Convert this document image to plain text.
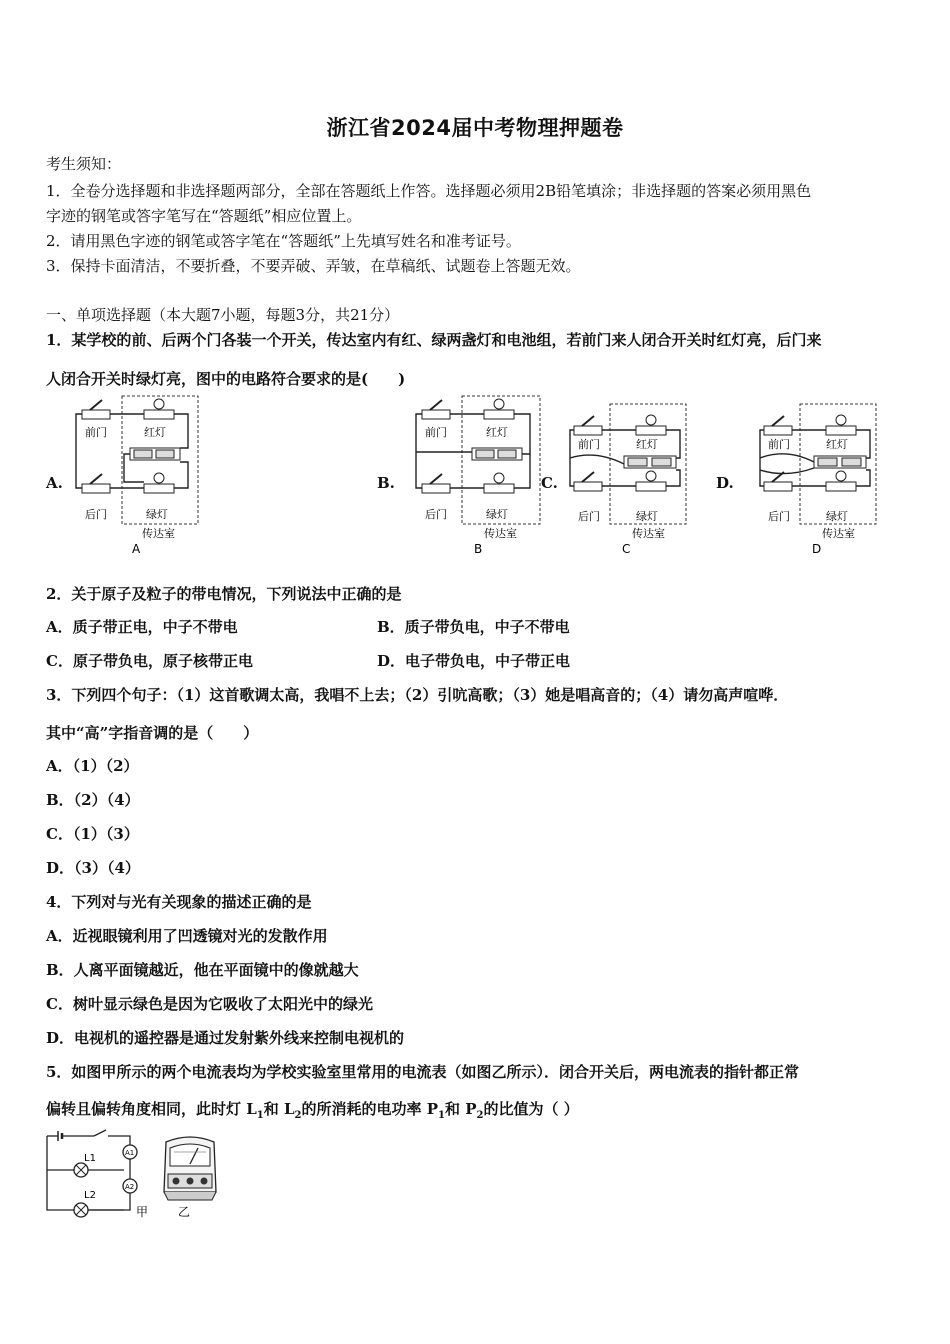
浙江省2024届中考物理押题卷
考生须知：
1．全卷分选择题和非选择题两部分，全部在答题纸上作答。选择题必须用2B铅笔填涂；非选择题的答案必须用黑色
字迹的钢笔或答字笔写在“答题纸”相应位置上。
2．请用黑色字迹的钢笔或答字笔在“答题纸”上先填写姓名和准考证号。
3．保持卡面清洁，不要折叠，不要弄破、弄皱，在草稿纸、试题卷上答题无效。
一、单项选择题（本大题7小题，每题3分，共21分）
1．某学校的前、后两个门各装一个开关，传达室内有红、绿两盏灯和电池组，若前门来人闭合开关时红灯亮，后门来
人闭合开关时绿灯亮，图中的电路符合要求的是(　　)
A.	B.	C.	D.
前门	红灯
后门	绿灯
传达室
A
前门	红灯
后门	绿灯
传达室
B
前门	红灯
后门	绿灯
传达室
C
前门	红灯
后门	绿灯
传达室
D
2．关于原子及粒子的带电情况，下列说法中正确的是
A．质子带正电，中子不带电	B．质子带负电，中子不带电
C．原子带负电，原子核带正电	D．电子带负电，中子带正电
3．下列四个句子：（1）这首歌调太高，我唱不上去；（2）引吭高歌；（3）她是唱高音的；（4）请勿高声喧哗．
其中“高”字指音调的是（　　）
A．（1）（2）
B．（2）（4）
C．（1）（3）
D．（3）（4）
4．下列对与光有关现象的描述正确的是
A．近视眼镜利用了凹透镜对光的发散作用
B．人离平面镜越近，他在平面镜中的像就越大
C．树叶显示绿色是因为它吸收了太阳光中的绿光
D．电视机的遥控器是通过发射紫外线来控制电视机的
5．如图甲所示的两个电流表均为学校实验室里常用的电流表（如图乙所示）．闭合开关后，两电流表的指针都正常
偏转且偏转角度相同，此时灯 $L_1$和 $L_2$的所消耗的电功率 $P_1$和 $P_2$的比值为（ ）
L1
L2
A1
A2
甲 乙
